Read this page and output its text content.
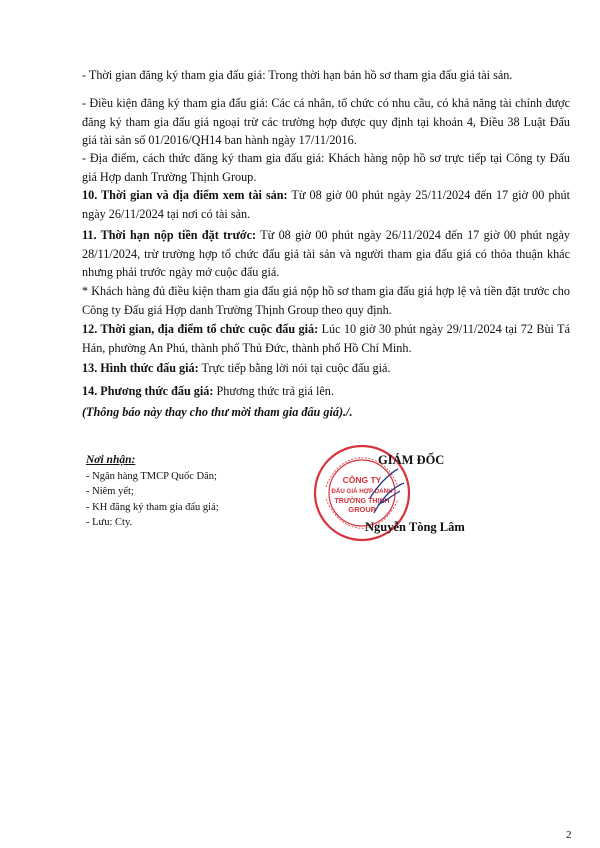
- Thời gian đăng ký tham gia đấu giá: Trong thời hạn bán hồ sơ tham gia đấu giá tài sản.

- Điều kiện đăng ký tham gia đấu giá: Các cá nhân, tổ chức có nhu cầu, có khả năng tài chính được đăng ký tham gia đấu giá ngoại trừ các trường hợp được quy định tại khoản 4, Điều 38 Luật Đấu giá tài sản số 01/2016/QH14 ban hành ngày 17/11/2016.

- Địa điểm, cách thức đăng ký tham gia đấu giá: Khách hàng nộp hồ sơ trực tiếp tại Công ty Đấu giá Hợp danh Trường Thịnh Group.

10. Thời gian và địa điểm xem tài sản: Từ 08 giờ 00 phút ngày 25/11/2024 đến 17 giờ 00 phút ngày 26/11/2024 tại nơi có tài sản.

11. Thời hạn nộp tiền đặt trước: Từ 08 giờ 00 phút ngày 26/11/2024 đến 17 giờ 00 phút ngày 28/11/2024, trừ trường hợp tổ chức đấu giá tài sản và người tham gia đấu giá có thỏa thuận khác nhưng phải trước ngày mở cuộc đấu giá.

* Khách hàng đủ điều kiện tham gia đấu giá nộp hồ sơ tham gia đấu giá hợp lệ và tiền đặt trước cho Công ty Đấu giá Hợp danh Trường Thịnh Group theo quy định.

12. Thời gian, địa điểm tổ chức cuộc đấu giá: Lúc 10 giờ 30 phút ngày 29/11/2024 tại 72 Bùi Tá Hán, phường An Phú, thành phố Thủ Đức, thành phố Hồ Chí Minh.

13. Hình thức đấu giá: Trực tiếp bằng lời nói tại cuộc đấu giá.

14. Phương thức đấu giá: Phương thức trả giá lên.

(Thông báo này thay cho thư mời tham gia đấu giá)./.

Nơi nhận:
- Ngân hàng TMCP Quốc Dân;
- Niêm yết;
- KH đăng ký tham gia đấu giá;
- Lưu: Cty.
CÔNG TY
ĐẤU GIÁ HỢP DANH
TRƯỜNG THỊNH
GROUP
GIÁM ĐỐC
Nguyễn Tòng Lâm
2
